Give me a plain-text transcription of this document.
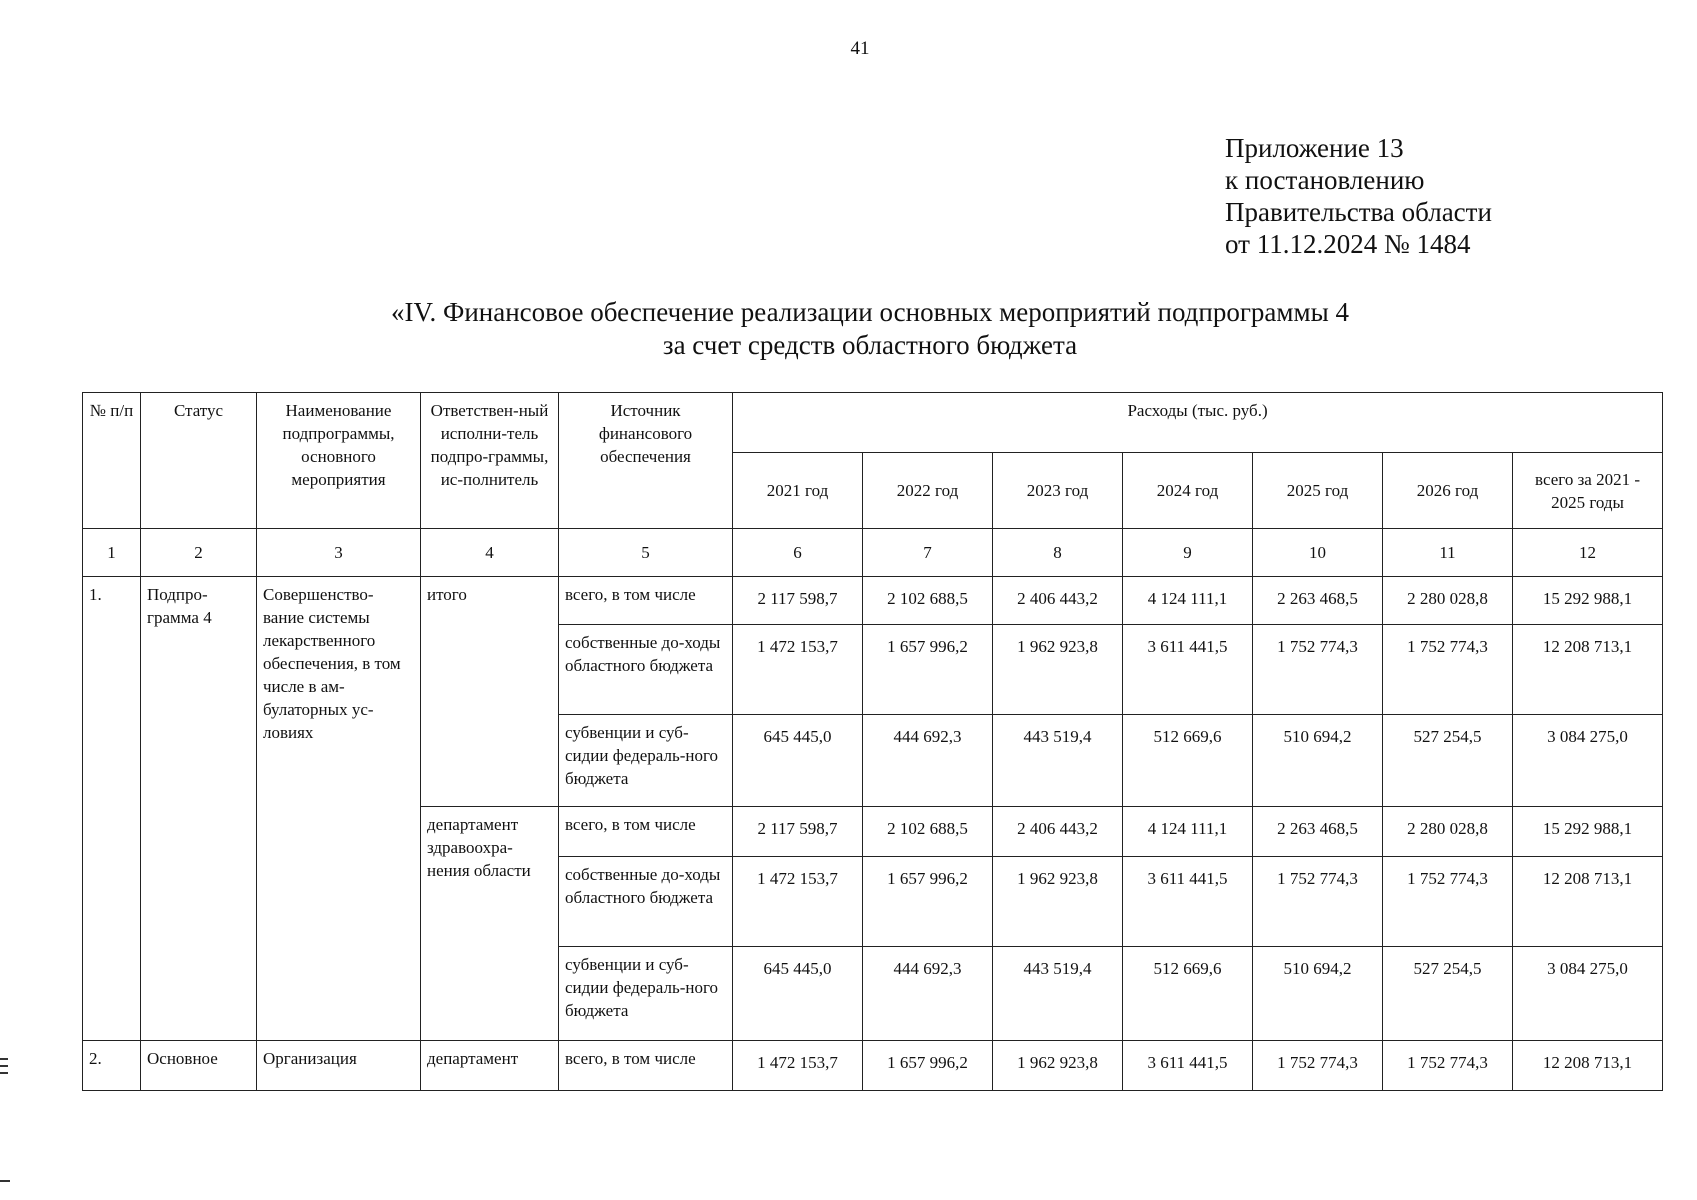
41
Приложение 13
к постановлению
Правительства области
от 11.12.2024 № 1484
«IV. Финансовое обеспечение реализации основных мероприятий подпрограммы 4
за счет средств областного бюджета
№ п/п	Статус	Наименование подпрограммы, основного мероприятия	Ответствен-ный исполни-тель подпро-граммы, ис-полнитель	Источник финансового обеспечения	Расходы (тыс. руб.)						
					2021 год	2022 год	2023 год	2024 год	2025 год	2026 год	всего за 2021 - 2025 годы
1	2	3	4	5	6	7	8	9	10	11	12
1.	Подпро-грамма 4	Совершенство-вание системы лекарственного обеспечения, в том числе в ам-булаторных ус-ловиях	итого	всего, в том числе	2 117 598,7	2 102 688,5	2 406 443,2	4 124 111,1	2 263 468,5	2 280 028,8	15 292 988,1
				собственные до-ходы областного бюджета	1 472 153,7	1 657 996,2	1 962 923,8	3 611 441,5	1 752 774,3	1 752 774,3	12 208 713,1
				субвенции и суб-сидии федераль-ного бюджета	645 445,0	444 692,3	443 519,4	512 669,6	510 694,2	527 254,5	3 084 275,0
			департамент здравоохра-нения области	всего, в том числе	2 117 598,7	2 102 688,5	2 406 443,2	4 124 111,1	2 263 468,5	2 280 028,8	15 292 988,1
				собственные до-ходы областного бюджета	1 472 153,7	1 657 996,2	1 962 923,8	3 611 441,5	1 752 774,3	1 752 774,3	12 208 713,1
				субвенции и суб-сидии федераль-ного бюджета	645 445,0	444 692,3	443 519,4	512 669,6	510 694,2	527 254,5	3 084 275,0
2.	Основное	Организация	департамент	всего, в том числе	1 472 153,7	1 657 996,2	1 962 923,8	3 611 441,5	1 752 774,3	1 752 774,3	12 208 713,1
